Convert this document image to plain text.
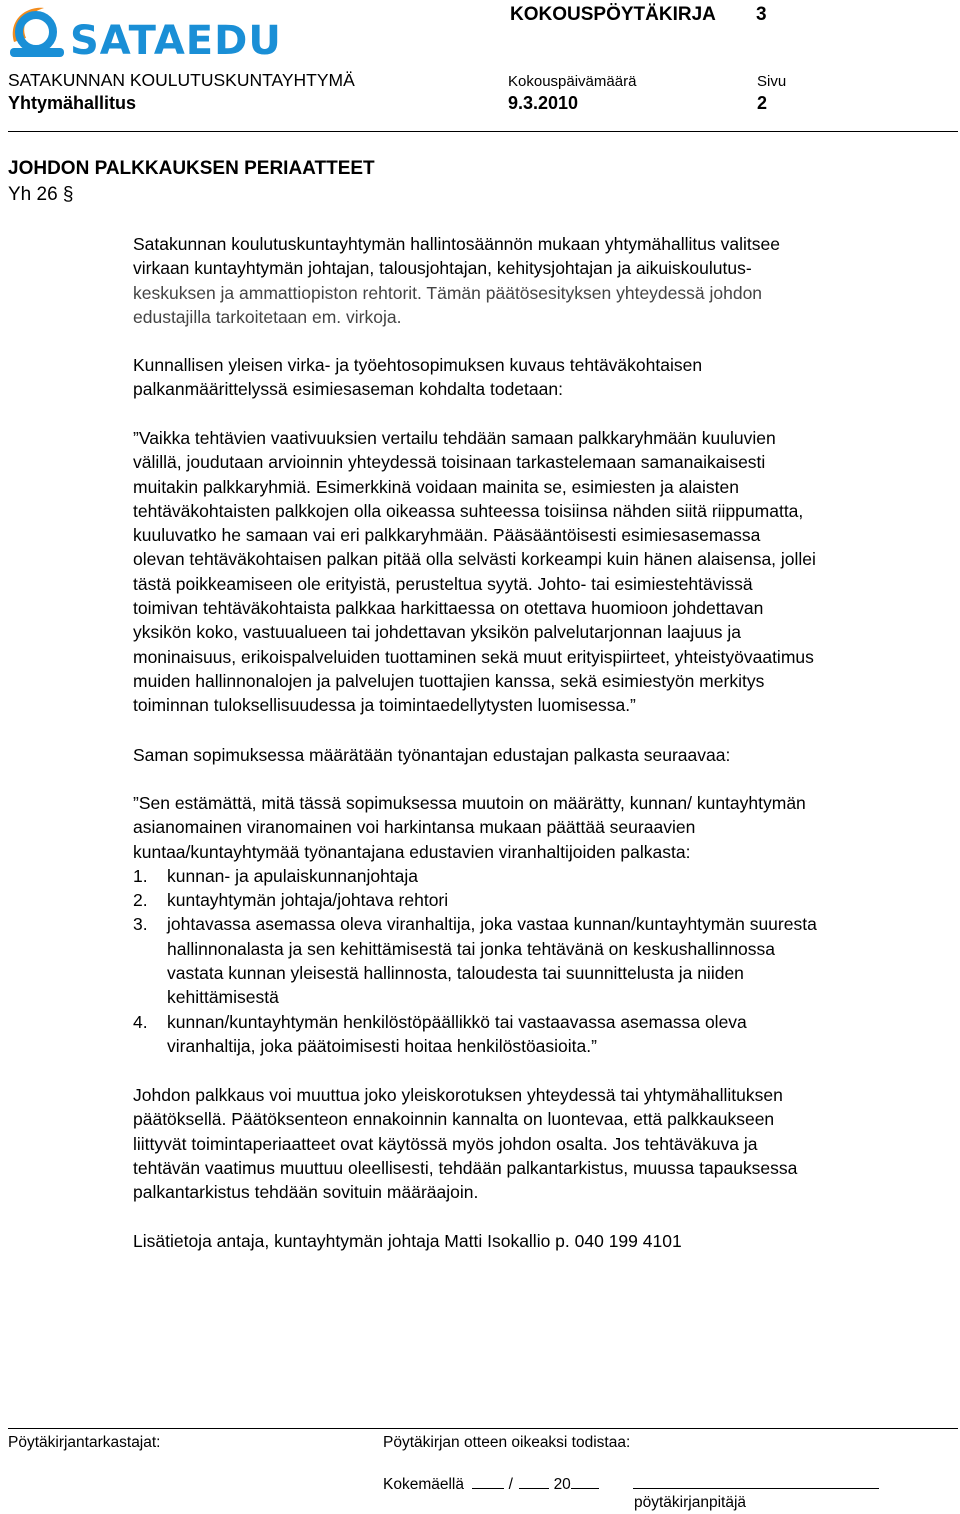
SATAEDU
KOKOUSPÖYTÄKIRJA 3
SATAKUNNAN KOULUTUSKUNTAYHTYMÄ	Kokouspäivämäärä	Sivu
Yhtymähallitus	9.3.2010	2
JOHDON PALKKAUKSEN PERIAATTEET
Yh 26 §

Satakunnan koulutuskuntayhtymän hallintosäännön mukaan yhtymähallitus valitsee

virkaan kuntayhtymän johtajan, talousjohtajan, kehitysjohtajan ja aikuiskoulutus-

keskuksen ja ammattiopiston rehtorit. Tämän päätösesityksen yhteydessä johdon

edustajilla tarkoitetaan em. virkoja.

Kunnallisen yleisen virka- ja työehtosopimuksen kuvaus tehtäväkohtaisen

palkanmäärittelyssä esimiesaseman kohdalta todetaan:

”Vaikka tehtävien vaativuuksien vertailu tehdään samaan palkkaryhmään kuuluvien

välillä, joudutaan arvioinnin yhteydessä toisinaan tarkastelemaan samanaikaisesti

muitakin palkkaryhmiä. Esimerkkinä voidaan mainita se, esimiesten ja alaisten

tehtäväkohtaisten palkkojen olla oikeassa suhteessa toisiinsa nähden siitä riippumatta,

kuuluvatko he samaan vai eri palkkaryhmään. Pääsääntöisesti esimiesasemassa

olevan tehtäväkohtaisen palkan pitää olla selvästi korkeampi kuin hänen alaisensa, jollei

tästä poikkeamiseen ole erityistä, perusteltua syytä. Johto- tai esimiestehtävissä

toimivan tehtäväkohtaista palkkaa harkittaessa on otettava huomioon johdettavan

yksikön koko, vastuualueen tai johdettavan yksikön palvelutarjonnan laajuus ja

moninaisuus, erikoispalveluiden tuottaminen sekä muut erityispiirteet, yhteistyövaatimus

muiden hallinnonalojen ja palvelujen tuottajien kanssa, sekä esimiestyön merkitys

toiminnan tuloksellisuudessa ja toimintaedellytysten luomisessa.”

Saman sopimuksessa määrätään työnantajan edustajan palkasta seuraavaa:

”Sen estämättä, mitä tässä sopimuksessa muutoin on määrätty, kunnan/ kuntayhtymän

asianomainen viranomainen voi harkintansa mukaan päättää seuraavien

kuntaa/kuntayhtymää työnantajana edustavien viranhaltijoiden palkasta:

1. kunnan- ja apulaiskunnanjohtaja
2. kuntayhtymän johtaja/johtava rehtori
3. johtavassa asemassa oleva viranhaltija, joka vastaa kunnan/kuntayhtymän suuresta
hallinnonalasta ja sen kehittämisestä tai jonka tehtävänä on keskushallinnossa
vastata kunnan yleisestä hallinnosta, taloudesta tai suunnittelusta ja niiden
kehittämisestä
4. kunnan/kuntayhtymän henkilöstöpäällikkö tai vastaavassa asemassa oleva
viranhaltija, joka päätoimisesti hoitaa henkilöstöasioita.”

Johdon palkkaus voi muuttua joko yleiskorotuksen yhteydessä tai yhtymähallituksen

päätöksellä. Päätöksenteon ennakoinnin kannalta on luontevaa, että palkkaukseen

liittyvät toimintaperiaatteet ovat käytössä myös johdon osalta. Jos tehtäväkuva ja

tehtävän vaatimus muuttuu oleellisesti, tehdään palkantarkistus, muussa tapauksessa

palkantarkistus tehdään sovituin määräajoin.

Lisätietoja antaja, kuntayhtymän johtaja Matti Isokallio p. 040 199 4101

Pöytäkirjantarkastajat:	Pöytäkirjan otteen oikeaksi todistaa:
Kokemäellä	/	20
pöytäkirjanpitäjä
